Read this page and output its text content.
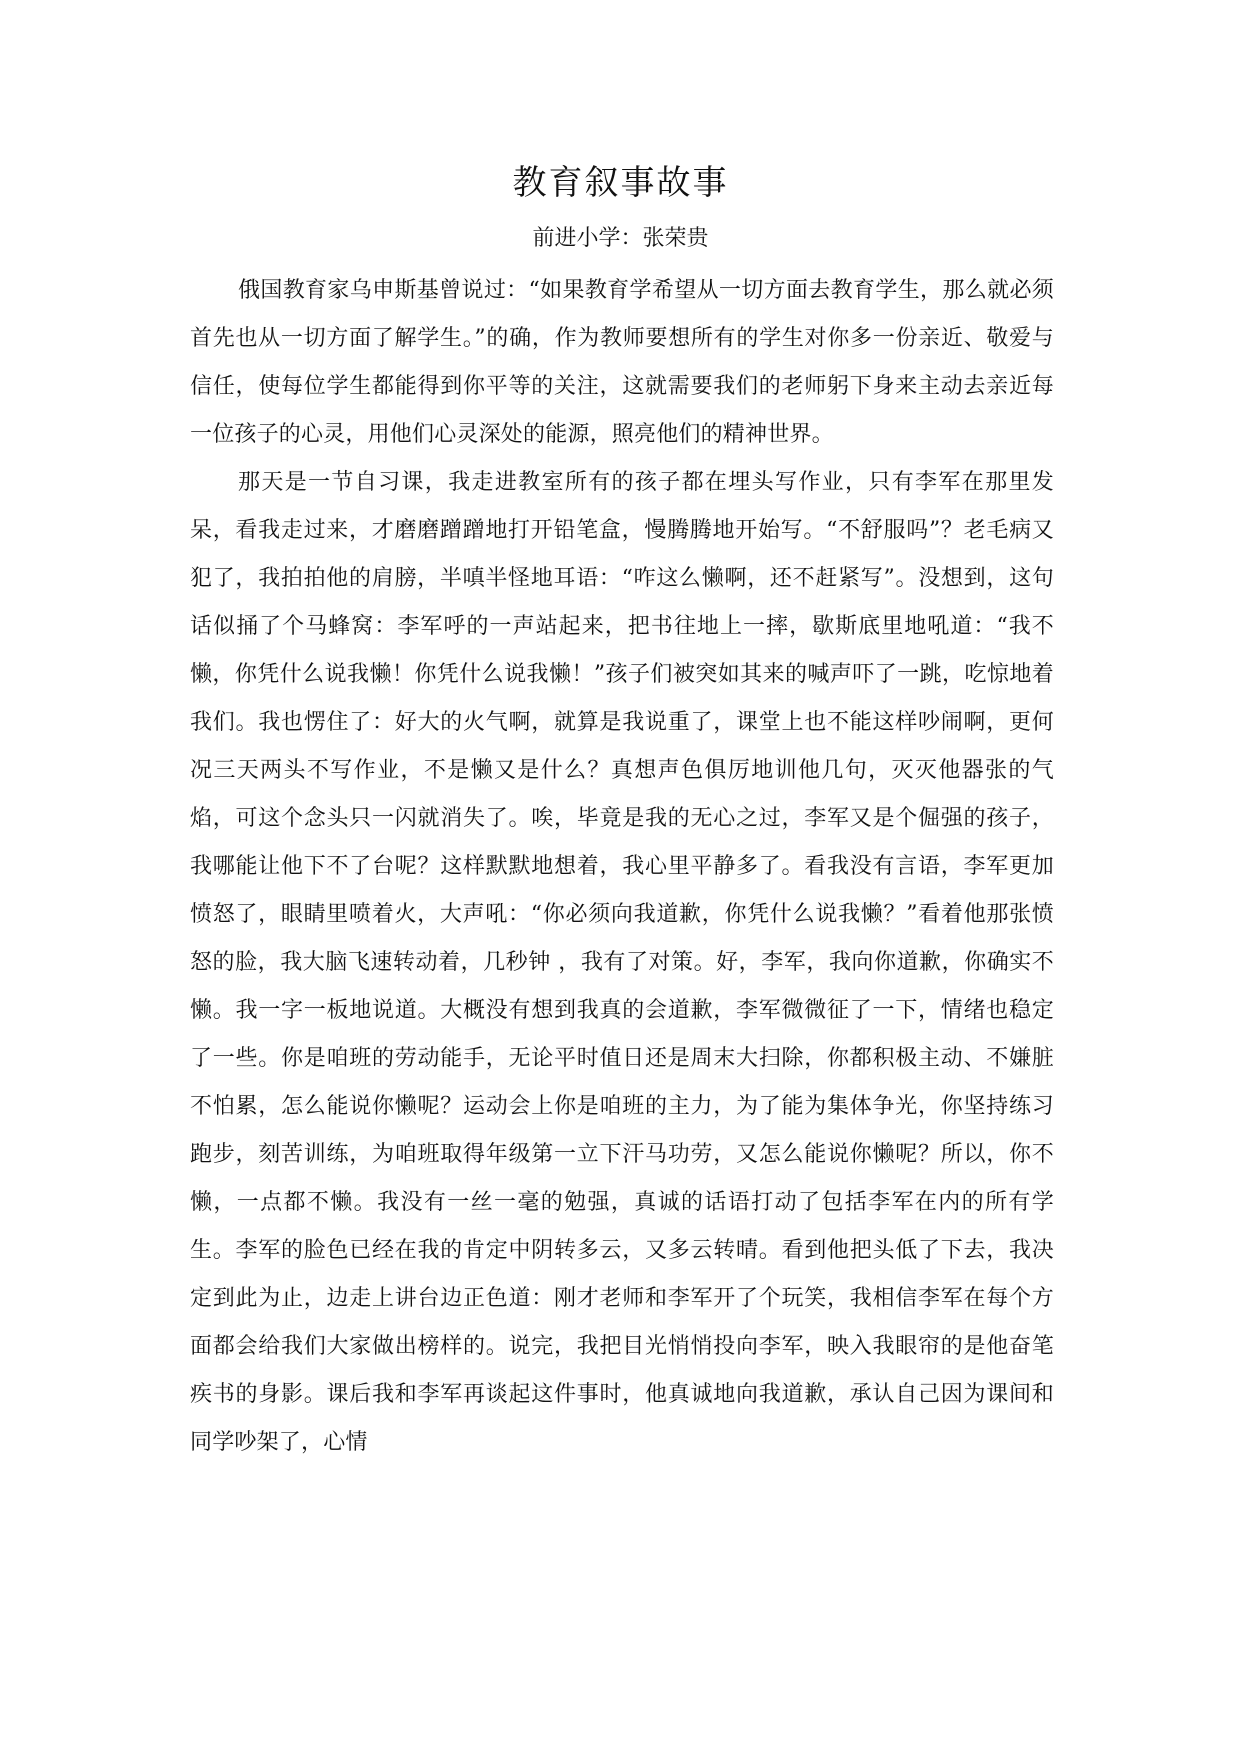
教育叙事故事

前进小学：张荣贵

俄国教育家乌申斯基曾说过：“如果教育学希望从一切方面去教育学生，那么就必须首先也从一切方面了解学生。”的确，作为教师要想所有的学生对你多一份亲近、敬爱与信任，使每位学生都能得到你平等的关注，这就需要我们的老师躬下身来主动去亲近每一位孩子的心灵，用他们心灵深处的能源，照亮他们的精神世界。

那天是一节自习课，我走进教室所有的孩子都在埋头写作业，只有李军在那里发呆，看我走过来，才磨磨蹭蹭地打开铅笔盒，慢腾腾地开始写。“不舒服吗”？老毛病又犯了，我拍拍他的肩膀，半嗔半怪地耳语：“咋这么懒啊，还不赶紧写”。没想到，这句话似捅了个马蜂窝：李军呼的一声站起来，把书往地上一摔，歇斯底里地吼道：“我不懒，你凭什么说我懒！你凭什么说我懒！”孩子们被突如其来的喊声吓了一跳，吃惊地着我们。我也愣住了：好大的火气啊，就算是我说重了，课堂上也不能这样吵闹啊，更何况三天两头不写作业，不是懒又是什么？真想声色俱厉地训他几句，灭灭他器张的气焰，可这个念头只一闪就消失了。唉，毕竟是我的无心之过，李军又是个倔强的孩子，我哪能让他下不了台呢？这样默默地想着，我心里平静多了。看我没有言语，李军更加愤怒了，眼睛里喷着火，大声吼：“你必须向我道歉，你凭什么说我懒？”看着他那张愤怒的脸，我大脑飞速转动着，几秒钟 ，我有了对策。好，李军，我向你道歉，你确实不懒。我一字一板地说道。大概没有想到我真的会道歉，李军微微征了一下，情绪也稳定了一些。你是咱班的劳动能手，无论平时值日还是周末大扫除，你都积极主动、不嫌脏不怕累，怎么能说你懒呢？运动会上你是咱班的主力，为了能为集体争光，你坚持练习跑步，刻苦训练，为咱班取得年级第一立下汗马功劳，又怎么能说你懒呢？所以，你不懒，一点都不懒。我没有一丝一毫的勉强，真诚的话语打动了包括李军在内的所有学生。李军的脸色已经在我的肯定中阴转多云，又多云转晴。看到他把头低了下去，我决定到此为止，边走上讲台边正色道：刚才老师和李军开了个玩笑，我相信李军在每个方面都会给我们大家做出榜样的。说完，我把目光悄悄投向李军，映入我眼帘的是他奋笔疾书的身影。课后我和李军再谈起这件事时，他真诚地向我道歉，承认自己因为课间和同学吵架了，心情
